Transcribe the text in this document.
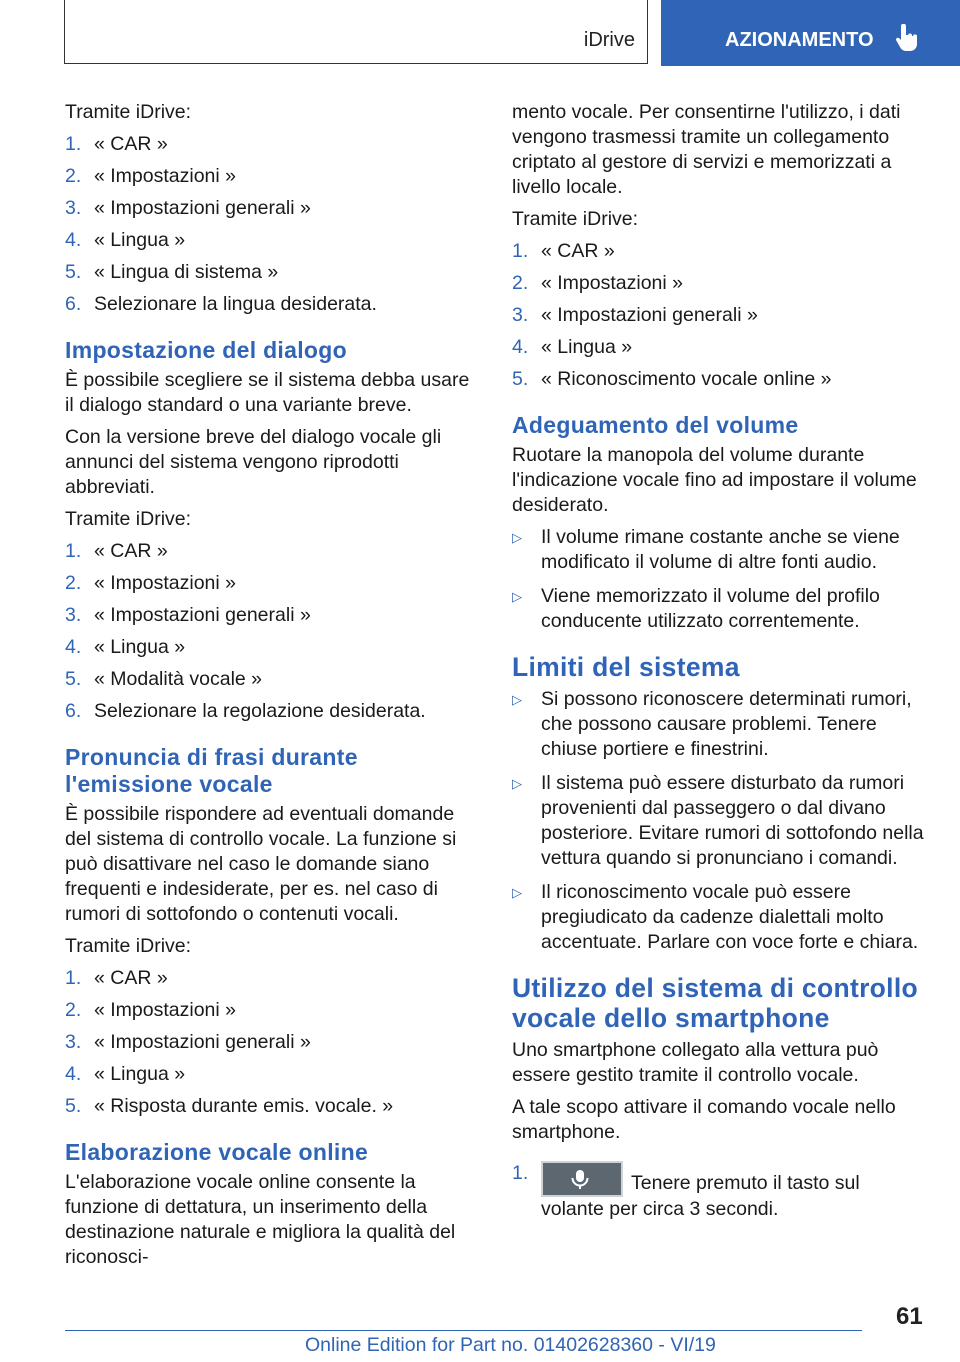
iDrive	AZIONAMENTO

Tramite iDrive:

1. « CAR »
2. « Impostazioni »
3. « Impostazioni generali »
4. « Lingua »
5. « Lingua di sistema »
6. Selezionare la lingua desiderata.
Impostazione del dialogo

È possibile scegliere se il sistema debba usare il dialogo standard o una variante breve.

Con la versione breve del dialogo vocale gli annunci del sistema vengono riprodotti abbreviati.

Tramite iDrive:

1. « CAR »
2. « Impostazioni »
3. « Impostazioni generali »
4. « Lingua »
5. « Modalità vocale »
6. Selezionare la regolazione desiderata.
Pronuncia di frasi durante l'emissione vocale

È possibile rispondere ad eventuali domande del sistema di controllo vocale. La funzione si può disattivare nel caso le domande siano frequenti e indesiderate, per es. nel caso di rumori di sottofondo o contenuti vocali.

Tramite iDrive:

1. « CAR »
2. « Impostazioni »
3. « Impostazioni generali »
4. « Lingua »
5. « Risposta durante emis. vocale. »
Elaborazione vocale online

L'elaborazione vocale online consente la funzione di dettatura, un inserimento della destinazione naturale e migliora la qualità del riconosci-

mento vocale. Per consentirne l'utilizzo, i dati vengono trasmessi tramite un collegamento criptato al gestore di servizi e memorizzati a livello locale.

Tramite iDrive:

1. « CAR »
2. « Impostazioni »
3. « Impostazioni generali »
4. « Lingua »
5. « Riconoscimento vocale online »
Adeguamento del volume

Ruotare la manopola del volume durante l'indicazione vocale fino ad impostare il volume desiderato.

▷ Il volume rimane costante anche se viene modificato il volume di altre fonti audio.
▷ Viene memorizzato il volume del profilo conducente utilizzato correntemente.
Limiti del sistema
▷ Si possono riconoscere determinati rumori, che possono causare problemi. Tenere chiuse portiere e finestrini.
▷ Il sistema può essere disturbato da rumori provenienti dal passeggero o dal divano posteriore. Evitare rumori di sottofondo nella vettura quando si pronunciano i comandi.
▷ Il riconoscimento vocale può essere pregiudicato da cadenze dialettali molto accentuate. Parlare con voce forte e chiara.
Utilizzo del sistema di controllo vocale dello smartphone

Uno smartphone collegato alla vettura può essere gestito tramite il controllo vocale.

A tale scopo attivare il comando vocale nello smartphone.

1.	Tenere premuto il tasto sul volante per circa 3 secondi.
61
Online Edition for Part no. 01402628360 - VI/19
